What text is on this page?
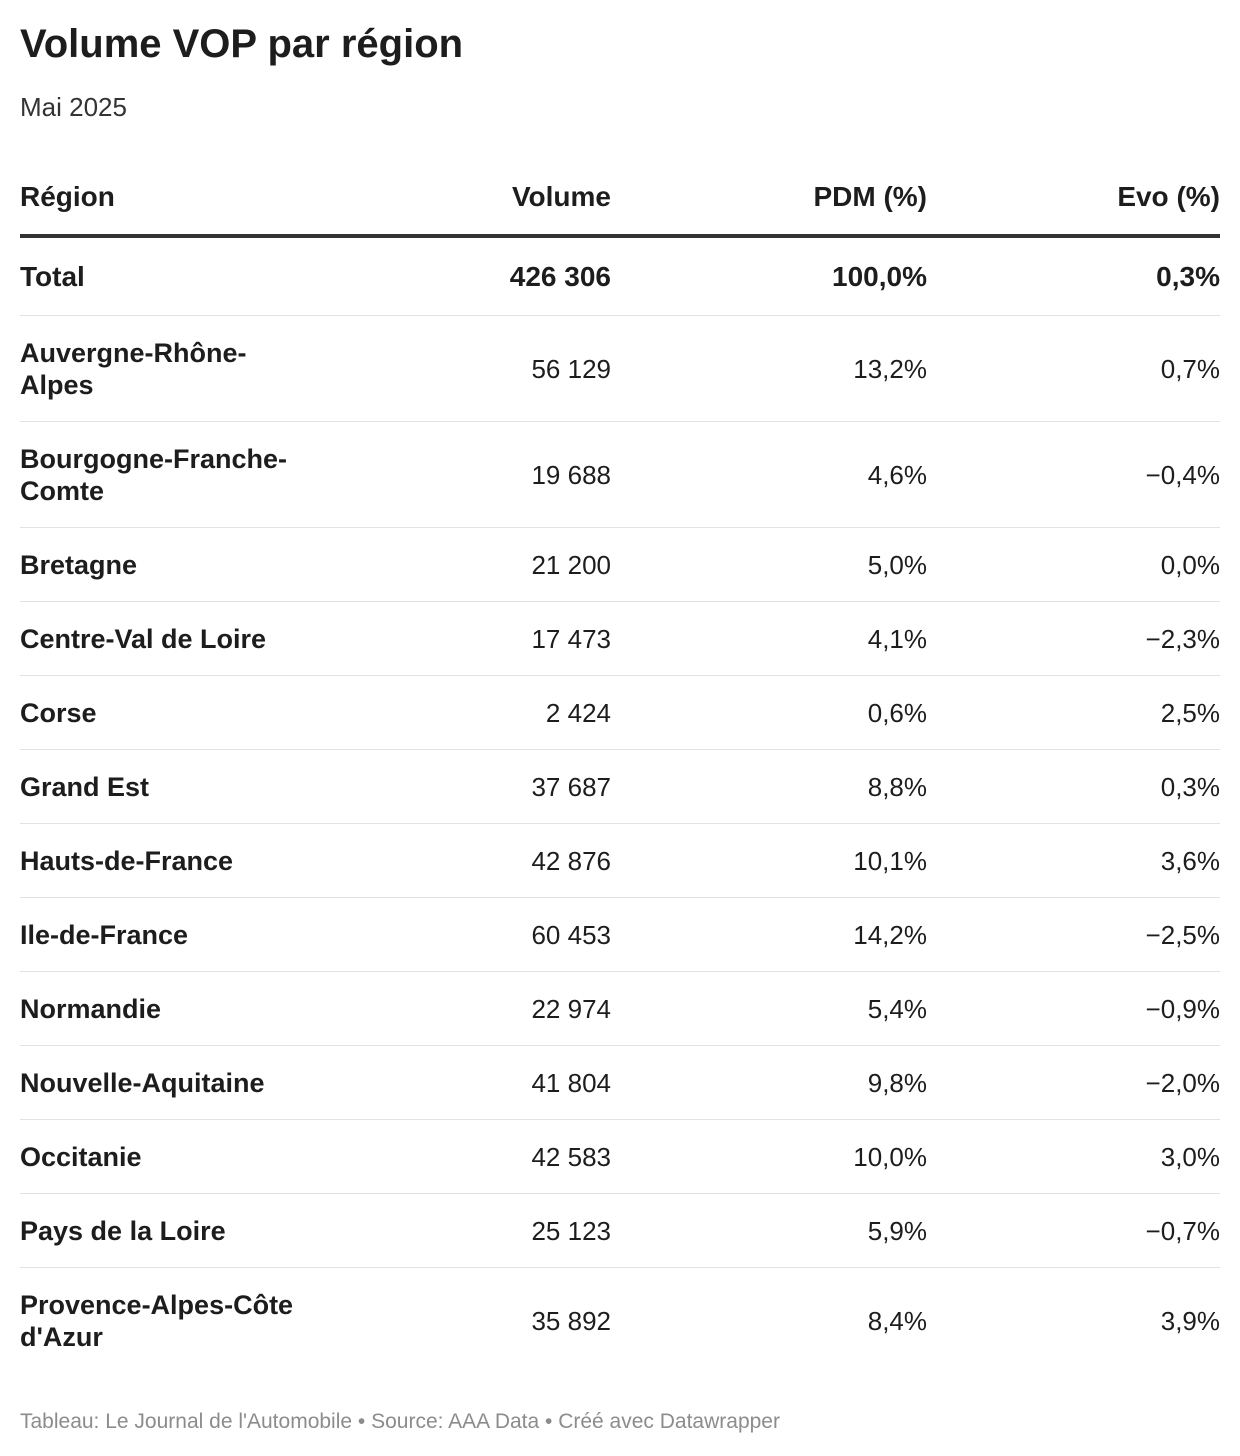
Volume VOP par région

Mai 2025

Région	Volume	PDM (%)	Evo (%)
Total	426 306	100,0%	0,3%

Auvergne-Rhône-Alpes	56 129	13,2%	0,7%

Bourgogne-Franche-Comte	19 688	4,6%	−0,4%

Bretagne	21 200	5,0%	0,0%

Centre-Val de Loire	17 473	4,1%	−2,3%

Corse	2 424	0,6%	2,5%

Grand Est	37 687	8,8%	0,3%

Hauts-de-France	42 876	10,1%	3,6%

Ile-de-France	60 453	14,2%	−2,5%

Normandie	22 974	5,4%	−0,9%

Nouvelle-Aquitaine	41 804	9,8%	−2,0%

Occitanie	42 583	10,0%	3,0%

Pays de la Loire	25 123	5,9%	−0,7%

Provence-Alpes-Côte d'Azur	35 892	8,4%	3,9%

Tableau: Le Journal de l'Automobile • Source: AAA Data • Créé avec Datawrapper
